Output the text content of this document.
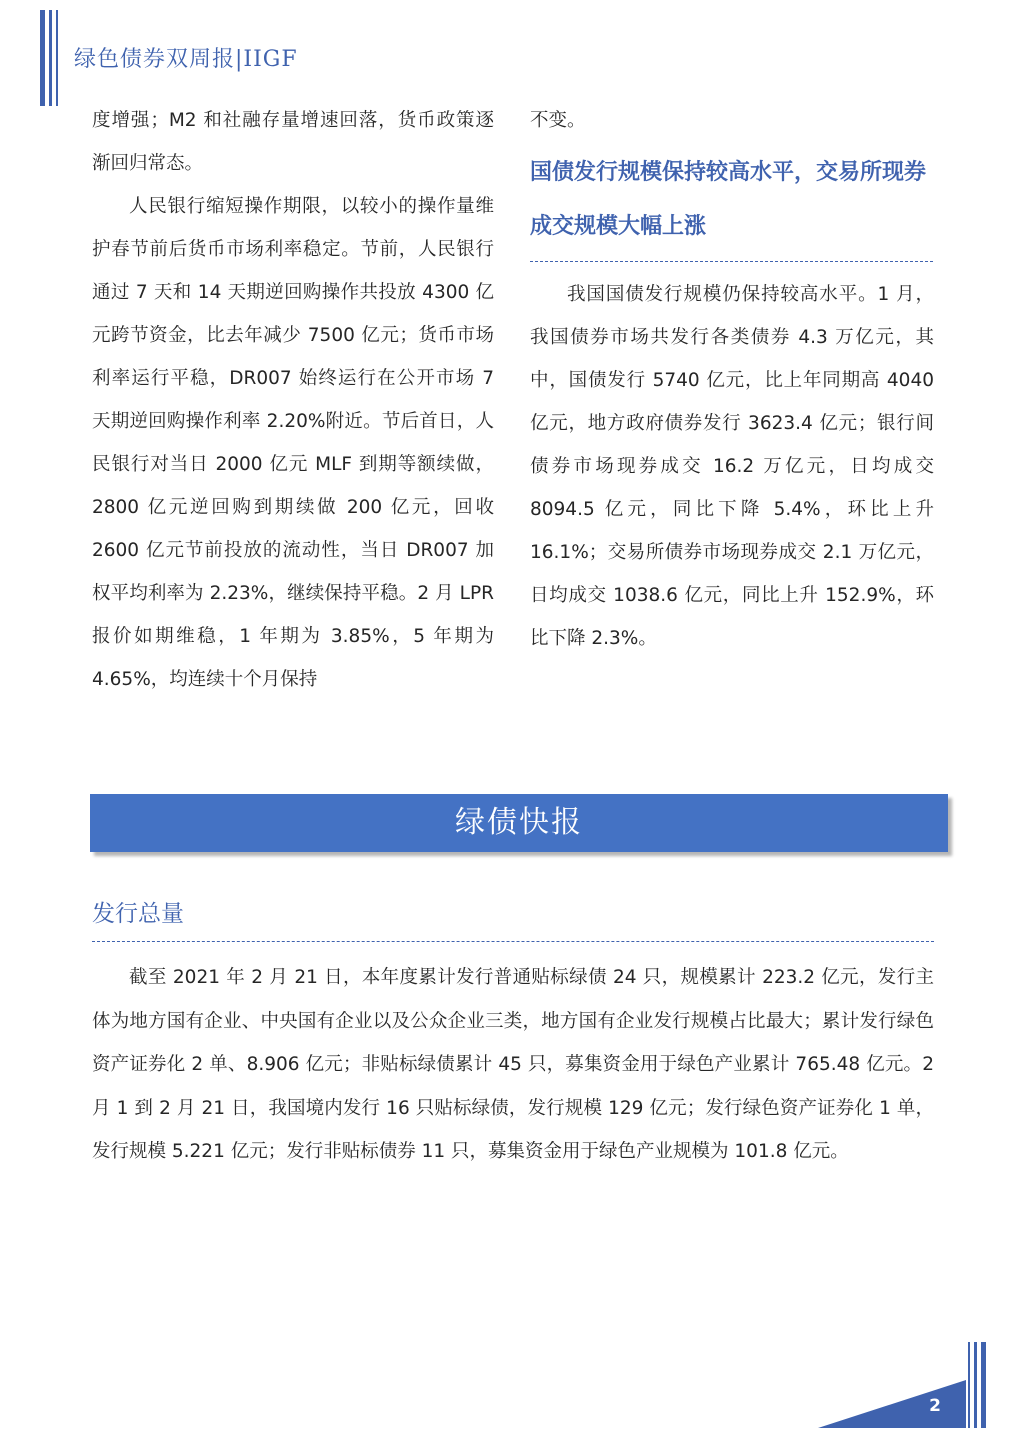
绿色债券双周报|IIGF

度增强；M2 和社融存量增速回落，货币政策逐渐回归常态。

人民银行缩短操作期限，以较小的操作量维护春节前后货币市场利率稳定。节前，人民银行通过 7 天和 14 天期逆回购操作共投放 4300 亿元跨节资金，比去年减少 7500 亿元；货币市场利率运行平稳，DR007 始终运行在公开市场 7 天期逆回购操作利率 2.20%附近。节后首日，人民银行对当日 2000 亿元 MLF 到期等额续做，2800 亿元逆回购到期续做 200 亿元，回收 2600 亿元节前投放的流动性，当日 DR007 加权平均利率为 2.23%，继续保持平稳。2 月 LPR 报价如期维稳，1 年期为 3.85%，5 年期为 4.65%，均连续十个月保持

不变。

国债发行规模保持较高水平，交易所现券成交规模大幅上涨

我国国债发行规模仍保持较高水平。1 月，我国债券市场共发行各类债券 4.3 万亿元，其中，国债发行 5740 亿元，比上年同期高 4040 亿元，地方政府债券发行 3623.4 亿元；银行间债券市场现券成交 16.2 万亿元，日均成交 8094.5 亿元，同比下降 5.4%，环比上升 16.1%；交易所债券市场现券成交 2.1 万亿元，日均成交 1038.6 亿元，同比上升 152.9%，环比下降 2.3%。

绿债快报
发行总量

截至 2021 年 2 月 21 日，本年度累计发行普通贴标绿债 24 只，规模累计 223.2 亿元，发行主体为地方国有企业、中央国有企业以及公众企业三类，地方国有企业发行规模占比最大；累计发行绿色资产证券化 2 单、8.906 亿元；非贴标绿债累计 45 只，募集资金用于绿色产业累计 765.48 亿元。2 月 1 到 2 月 21 日，我国境内发行 16 只贴标绿债，发行规模 129 亿元；发行绿色资产证券化 1 单，发行规模 5.221 亿元；发行非贴标债券 11 只，募集资金用于绿色产业规模为 101.8 亿元。

2
